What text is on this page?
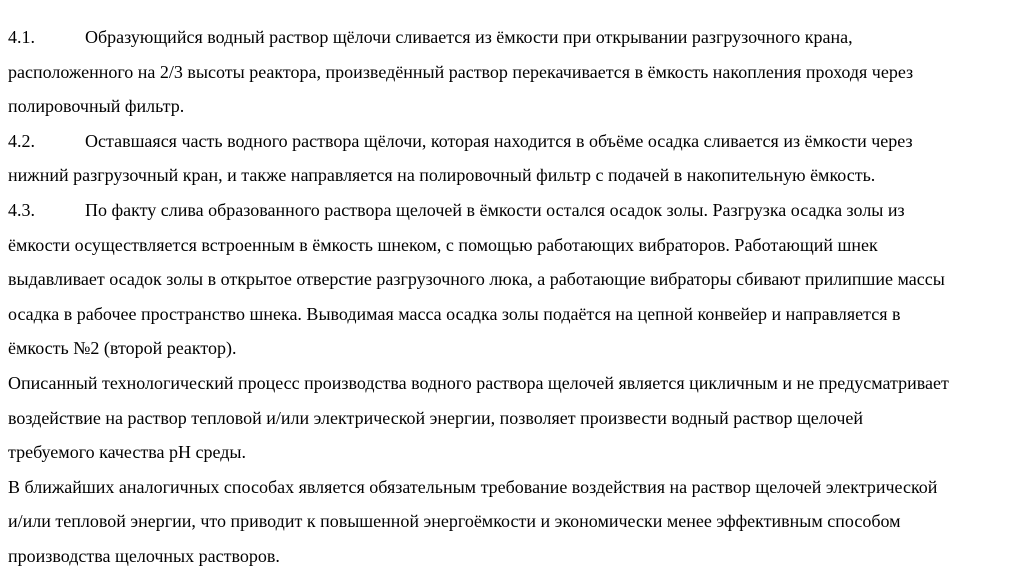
4.1.	Образующийся водный раствор щёлочи сливается из ёмкости при открывании разгрузочного крана,
расположенного на 2/3 высоты реактора, произведённый раствор перекачивается в ёмкость накопления проходя через
полировочный фильтр.
4.2.	Оставшаяся часть водного раствора щёлочи, которая находится в объёме осадка сливается из ёмкости через
нижний разгрузочный кран, и также направляется на полировочный фильтр с подачей в накопительную ёмкость.
4.3.	По факту слива образованного раствора щелочей в ёмкости остался осадок золы. Разгрузка осадка золы из
ёмкости осуществляется встроенным в ёмкость шнеком, с помощью работающих вибраторов. Работающий шнек
выдавливает осадок золы в открытое отверстие разгрузочного люка, а работающие вибраторы сбивают прилипшие массы
осадка в рабочее пространство шнека. Выводимая масса осадка золы подаётся на цепной конвейер и направляется в
ёмкость №2 (второй реактор).
Описанный технологический процесс производства водного раствора щелочей является цикличным и не предусматривает
воздействие на раствор тепловой и/или электрической энергии, позволяет произвести водный раствор щелочей
требуемого качества pH среды.
В ближайших аналогичных способах является обязательным требование воздействия на раствор щелочей электрической
и/или тепловой энергии, что приводит к повышенной энергоёмкости и экономически менее эффективным способом
производства щелочных растворов.
